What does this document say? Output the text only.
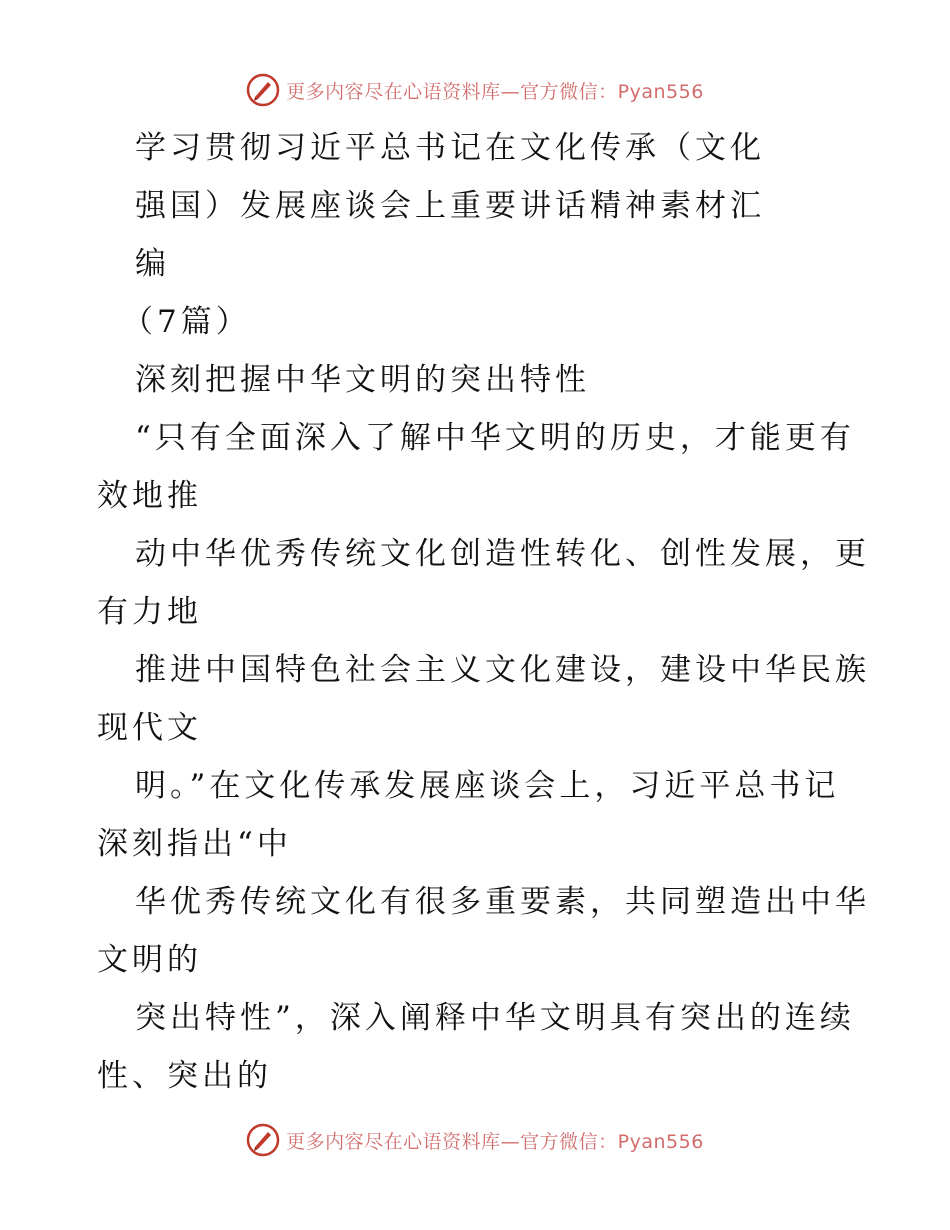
更多内容尽在心语资料库—官方微信：Pyan556
学习贯彻习近平总书记在文化传承（文化
强国）发展座谈会上重要讲话精神素材汇
编
（7篇）
深刻把握中华文明的突出特性
“只有全面深入了解中华文明的历史，才能更有
效地推
动中华优秀传统文化创造性转化、创性发展，更
有力地
推进中国特色社会主义文化建设，建设中华民族
现代文
明。”在文化传承发展座谈会上，习近平总书记
深刻指出“中
华优秀传统文化有很多重要素，共同塑造出中华
文明的
突出特性”，深入阐释中华文明具有突出的连续
性、突出的
更多内容尽在心语资料库—官方微信：Pyan556
